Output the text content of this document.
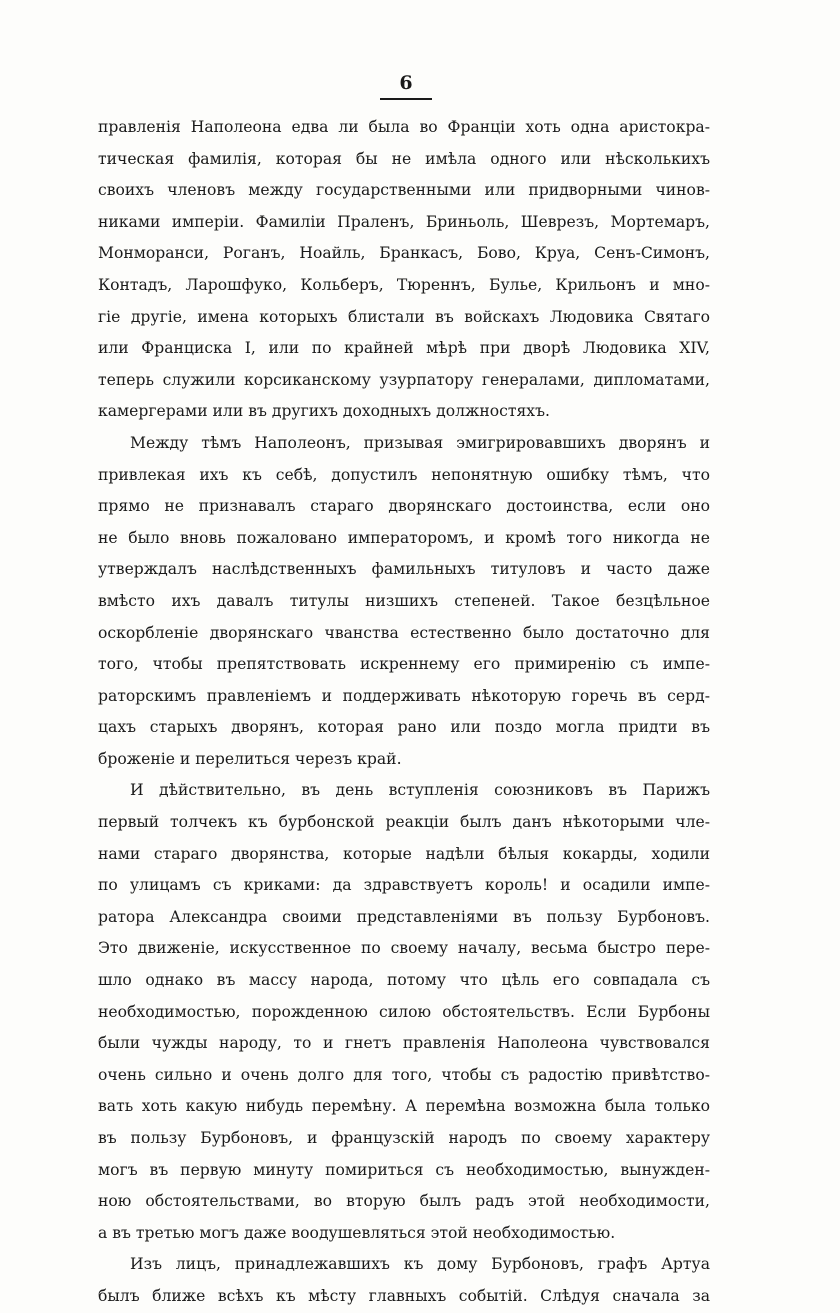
6
правленія Наполеона едва ли была во Франціи хоть одна аристокра-
тическая фамилія, которая бы не имѣла одного или нѣсколькихъ
своихъ членовъ между государственными или придворными чинов-
никами имперіи. Фамиліи Праленъ, Бриньоль, Шеврезъ, Мортемаръ,
Монморанси, Роганъ, Ноайль, Бранкасъ, Бово, Круа, Сенъ-Симонъ,
Контадъ, Ларошфуко, Кольберъ, Тюреннъ, Булье, Крильонъ и мно-
гіе другіе, имена которыхъ блистали въ войскахъ Людовика Святаго
или Франциска I, или по крайней мѣрѣ при дворѣ Людовика XIV,
теперь служили корсиканскому узурпатору генералами, дипломатами,
камергерами или въ другихъ доходныхъ должностяхъ.
Между тѣмъ Наполеонъ, призывая эмигрировавшихъ дворянъ и
привлекая ихъ къ себѣ, допустилъ непонятную ошибку тѣмъ, что
прямо не признавалъ стараго дворянскаго достоинства, если оно
не было вновь пожаловано императоромъ, и кромѣ того никогда не
утверждалъ наслѣдственныхъ фамильныхъ титуловъ и часто даже
вмѣсто ихъ давалъ титулы низшихъ степеней. Такое безцѣльное
оскорбленіе дворянскаго чванства естественно было достаточно для
того, чтобы препятствовать искреннему его примиренію съ импе-
раторскимъ правленіемъ и поддерживать нѣкоторую горечь въ серд-
цахъ старыхъ дворянъ, которая рано или поздо могла придти въ
броженіе и перелиться черезъ край.
И дѣйствительно, въ день вступленія союзниковъ въ Парижъ
первый толчекъ къ бурбонской реакціи былъ данъ нѣкоторыми чле-
нами стараго дворянства, которые надѣли бѣлыя кокарды, ходили
по улицамъ съ криками: да здравствуетъ король! и осадили импе-
ратора Александра своими представленіями въ пользу Бурбоновъ.
Это движеніе, искусственное по своему началу, весьма быстро пере-
шло однако въ массу народа, потому что цѣль его совпадала съ
необходимостью, порожденною силою обстоятельствъ. Если Бурбоны
были чужды народу, то и гнетъ правленія Наполеона чувствовался
очень сильно и очень долго для того, чтобы съ радостію привѣтство-
вать хоть какую нибудь перемѣну. А перемѣна возможна была только
въ пользу Бурбоновъ, и французскій народъ по своему характеру
могъ въ первую минуту помириться съ необходимостью, вынужден-
ною обстоятельствами, во вторую былъ радъ этой необходимости,
а въ третью могъ даже воодушевляться этой необходимостью.
Изъ лицъ, принадлежавшихъ къ дому Бурбоновъ, графъ Артуа
былъ ближе всѣхъ къ мѣсту главныхъ событій. Слѣдуя сначала за
